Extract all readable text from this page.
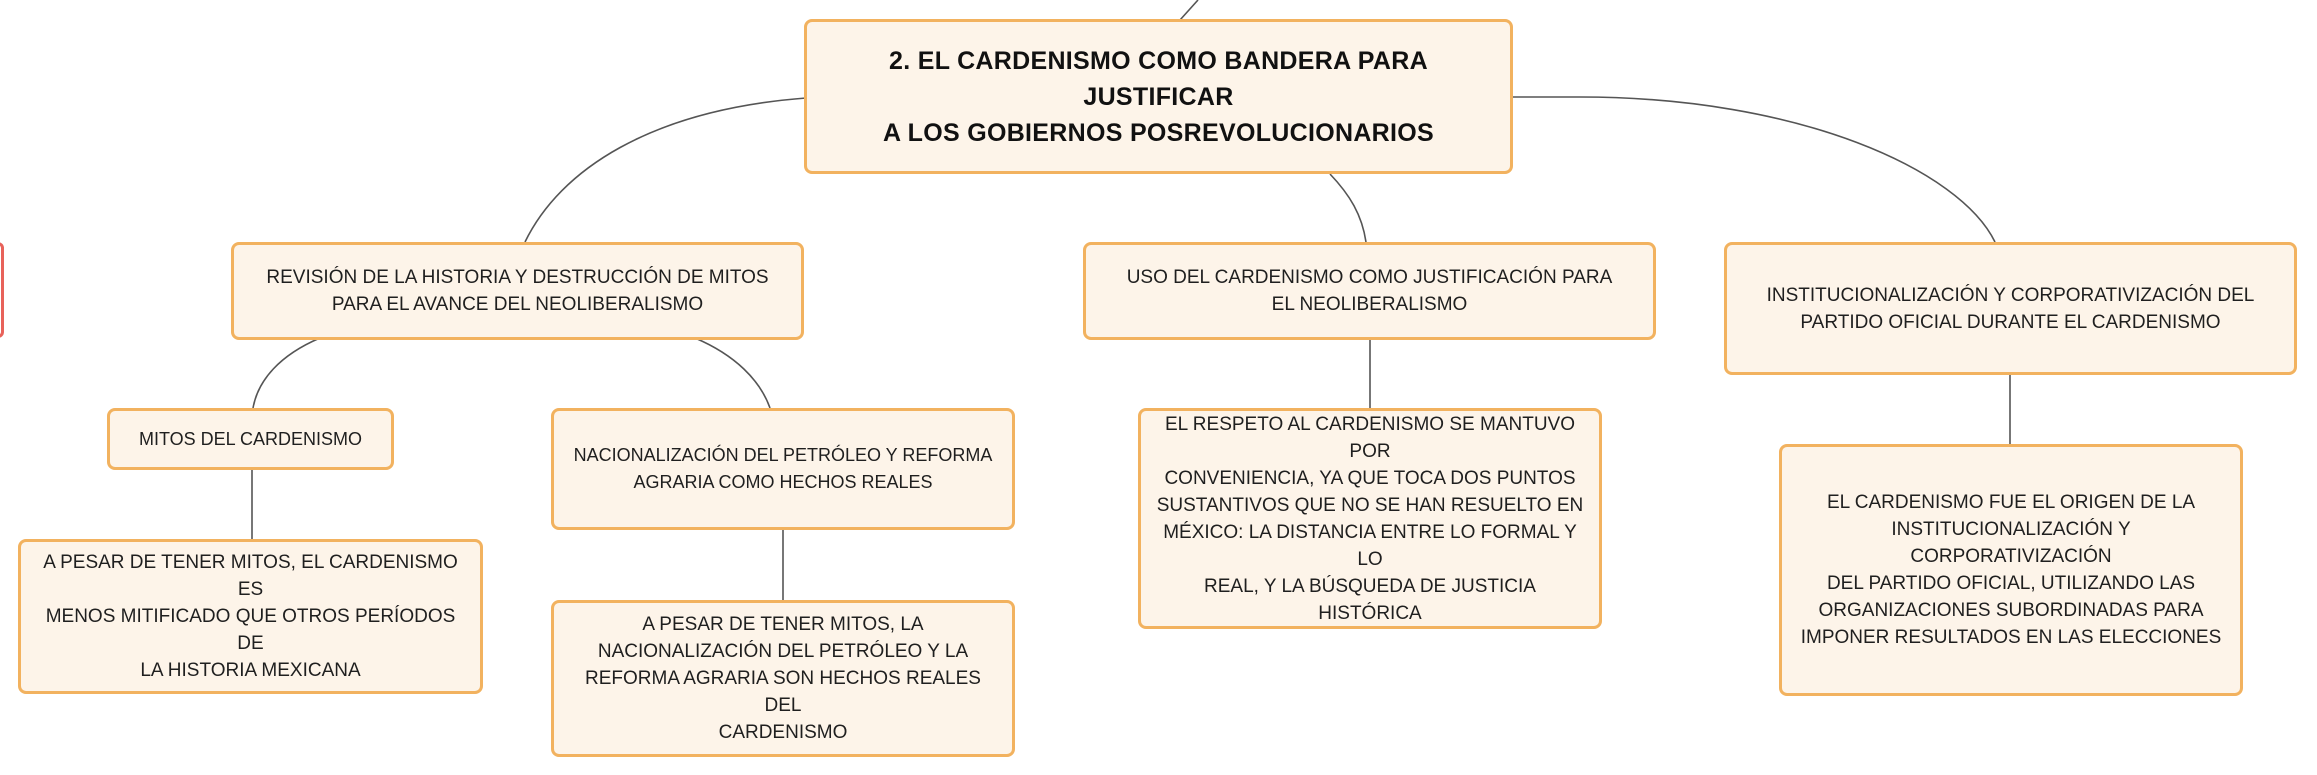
2. EL CARDENISMO COMO BANDERA PARA JUSTIFICAR
A LOS GOBIERNOS POSREVOLUCIONARIOS
REVISIÓN DE LA HISTORIA Y DESTRUCCIÓN DE MITOS
PARA EL AVANCE DEL NEOLIBERALISMO
USO DEL CARDENISMO COMO JUSTIFICACIÓN PARA
EL NEOLIBERALISMO	INSTITUCIONALIZACIÓN Y CORPORATIVIZACIÓN DEL
PARTIDO OFICIAL DURANTE EL CARDENISMO
MITOS DEL CARDENISMO
NACIONALIZACIÓN DEL PETRÓLEO Y REFORMA
AGRARIA COMO HECHOS REALES
A PESAR DE TENER MITOS, EL CARDENISMO ES
MENOS MITIFICADO QUE OTROS PERÍODOS DE
LA HISTORIA MEXICANA
A PESAR DE TENER MITOS, LA
NACIONALIZACIÓN DEL PETRÓLEO Y LA
REFORMA AGRARIA SON HECHOS REALES DEL
CARDENISMO
EL RESPETO AL CARDENISMO SE MANTUVO POR
CONVENIENCIA, YA QUE TOCA DOS PUNTOS
SUSTANTIVOS QUE NO SE HAN RESUELTO EN
MÉXICO: LA DISTANCIA ENTRE LO FORMAL Y LO
REAL, Y LA BÚSQUEDA DE JUSTICIA HISTÓRICA
EL CARDENISMO FUE EL ORIGEN DE LA
INSTITUCIONALIZACIÓN Y CORPORATIVIZACIÓN
DEL PARTIDO OFICIAL, UTILIZANDO LAS
ORGANIZACIONES SUBORDINADAS PARA
IMPONER RESULTADOS EN LAS ELECCIONES
